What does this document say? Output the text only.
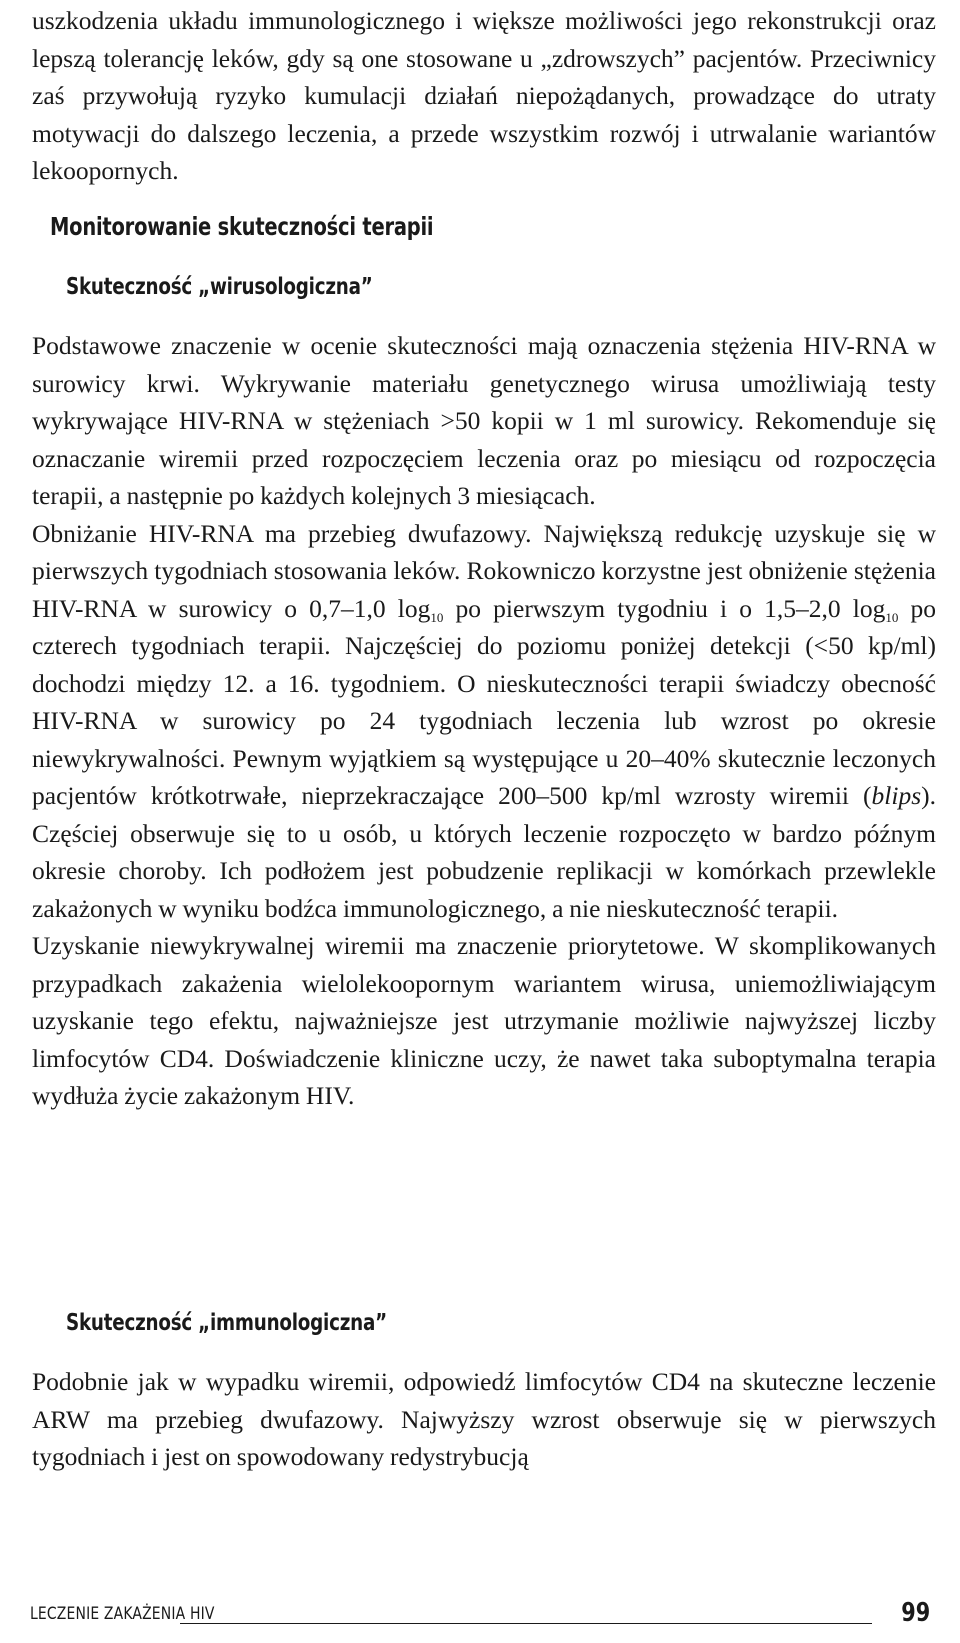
uszkodzenia układu immunologicznego i większe możliwości jego rekonstrukcji oraz lepszą tolerancję leków, gdy są one stosowane u „zdrowszych” pacjentów. Przeciwnicy zaś przywołują ryzyko kumulacji działań niepożądanych, prowadzące do utraty motywacji do dalszego leczenia, a przede wszystkim rozwój i utrwalanie wariantów lekoopornych.

Monitorowanie skuteczności terapii
Skuteczność „wirusologiczna”

Podstawowe znaczenie w ocenie skuteczności mają oznaczenia stężenia HIV-RNA w surowicy krwi. Wykrywanie materiału genetycznego wirusa umożliwiają testy wykrywające HIV-RNA w stężeniach >50 kopii w 1 ml surowicy. Rekomenduje się oznaczanie wiremii przed rozpoczęciem leczenia oraz po miesiącu od rozpoczęcia terapii, a następnie po każdych kolejnych 3 miesiącach.

Obniżanie HIV-RNA ma przebieg dwufazowy. Największą redukcję uzyskuje się w pierwszych tygodniach stosowania leków. Rokowniczo korzystne jest obniżenie stężenia HIV-RNA w surowicy o 0,7–1,0 $\log_{10}$ po pierwszym tygodniu i o 1,5–2,0 $\log_{10}$ po czterech tygodniach terapii. Najczęściej do poziomu poniżej detekcji (<50 kp/ml) dochodzi między 12. a 16. tygodniem. O nieskuteczności terapii świadczy obecność HIV-RNA w surowicy po 24 tygodniach leczenia lub wzrost po okresie niewykrywalności. Pewnym wyjątkiem są występujące u 20–40% skutecznie leczonych pacjentów krótkotrwałe, nieprzekraczające 200–500 kp/ml wzrosty wiremii (blips). Częściej obserwuje się to u osób, u których leczenie rozpoczęto w bardzo późnym okresie choroby. Ich podłożem jest pobudzenie replikacji w komórkach przewlekle zakażonych w wyniku bodźca immunologicznego, a nie nieskuteczność terapii.

Uzyskanie niewykrywalnej wiremii ma znaczenie priorytetowe. W skomplikowanych przypadkach zakażenia wielolekoopornym wariantem wirusa, uniemożliwiającym uzyskanie tego efektu, najważniejsze jest utrzymanie możliwie najwyższej liczby limfocytów CD4. Doświadczenie kliniczne uczy, że nawet taka suboptymalna terapia wydłuża życie zakażonym HIV.

Skuteczność „immunologiczna”

Podobnie jak w wypadku wiremii, odpowiedź limfocytów CD4 na skuteczne leczenie ARW ma przebieg dwufazowy. Najwyższy wzrost obserwuje się w pierwszych tygodniach i jest on spowodowany redystrybucją

LECZENIE ZAKAŻENIA HIV	99
